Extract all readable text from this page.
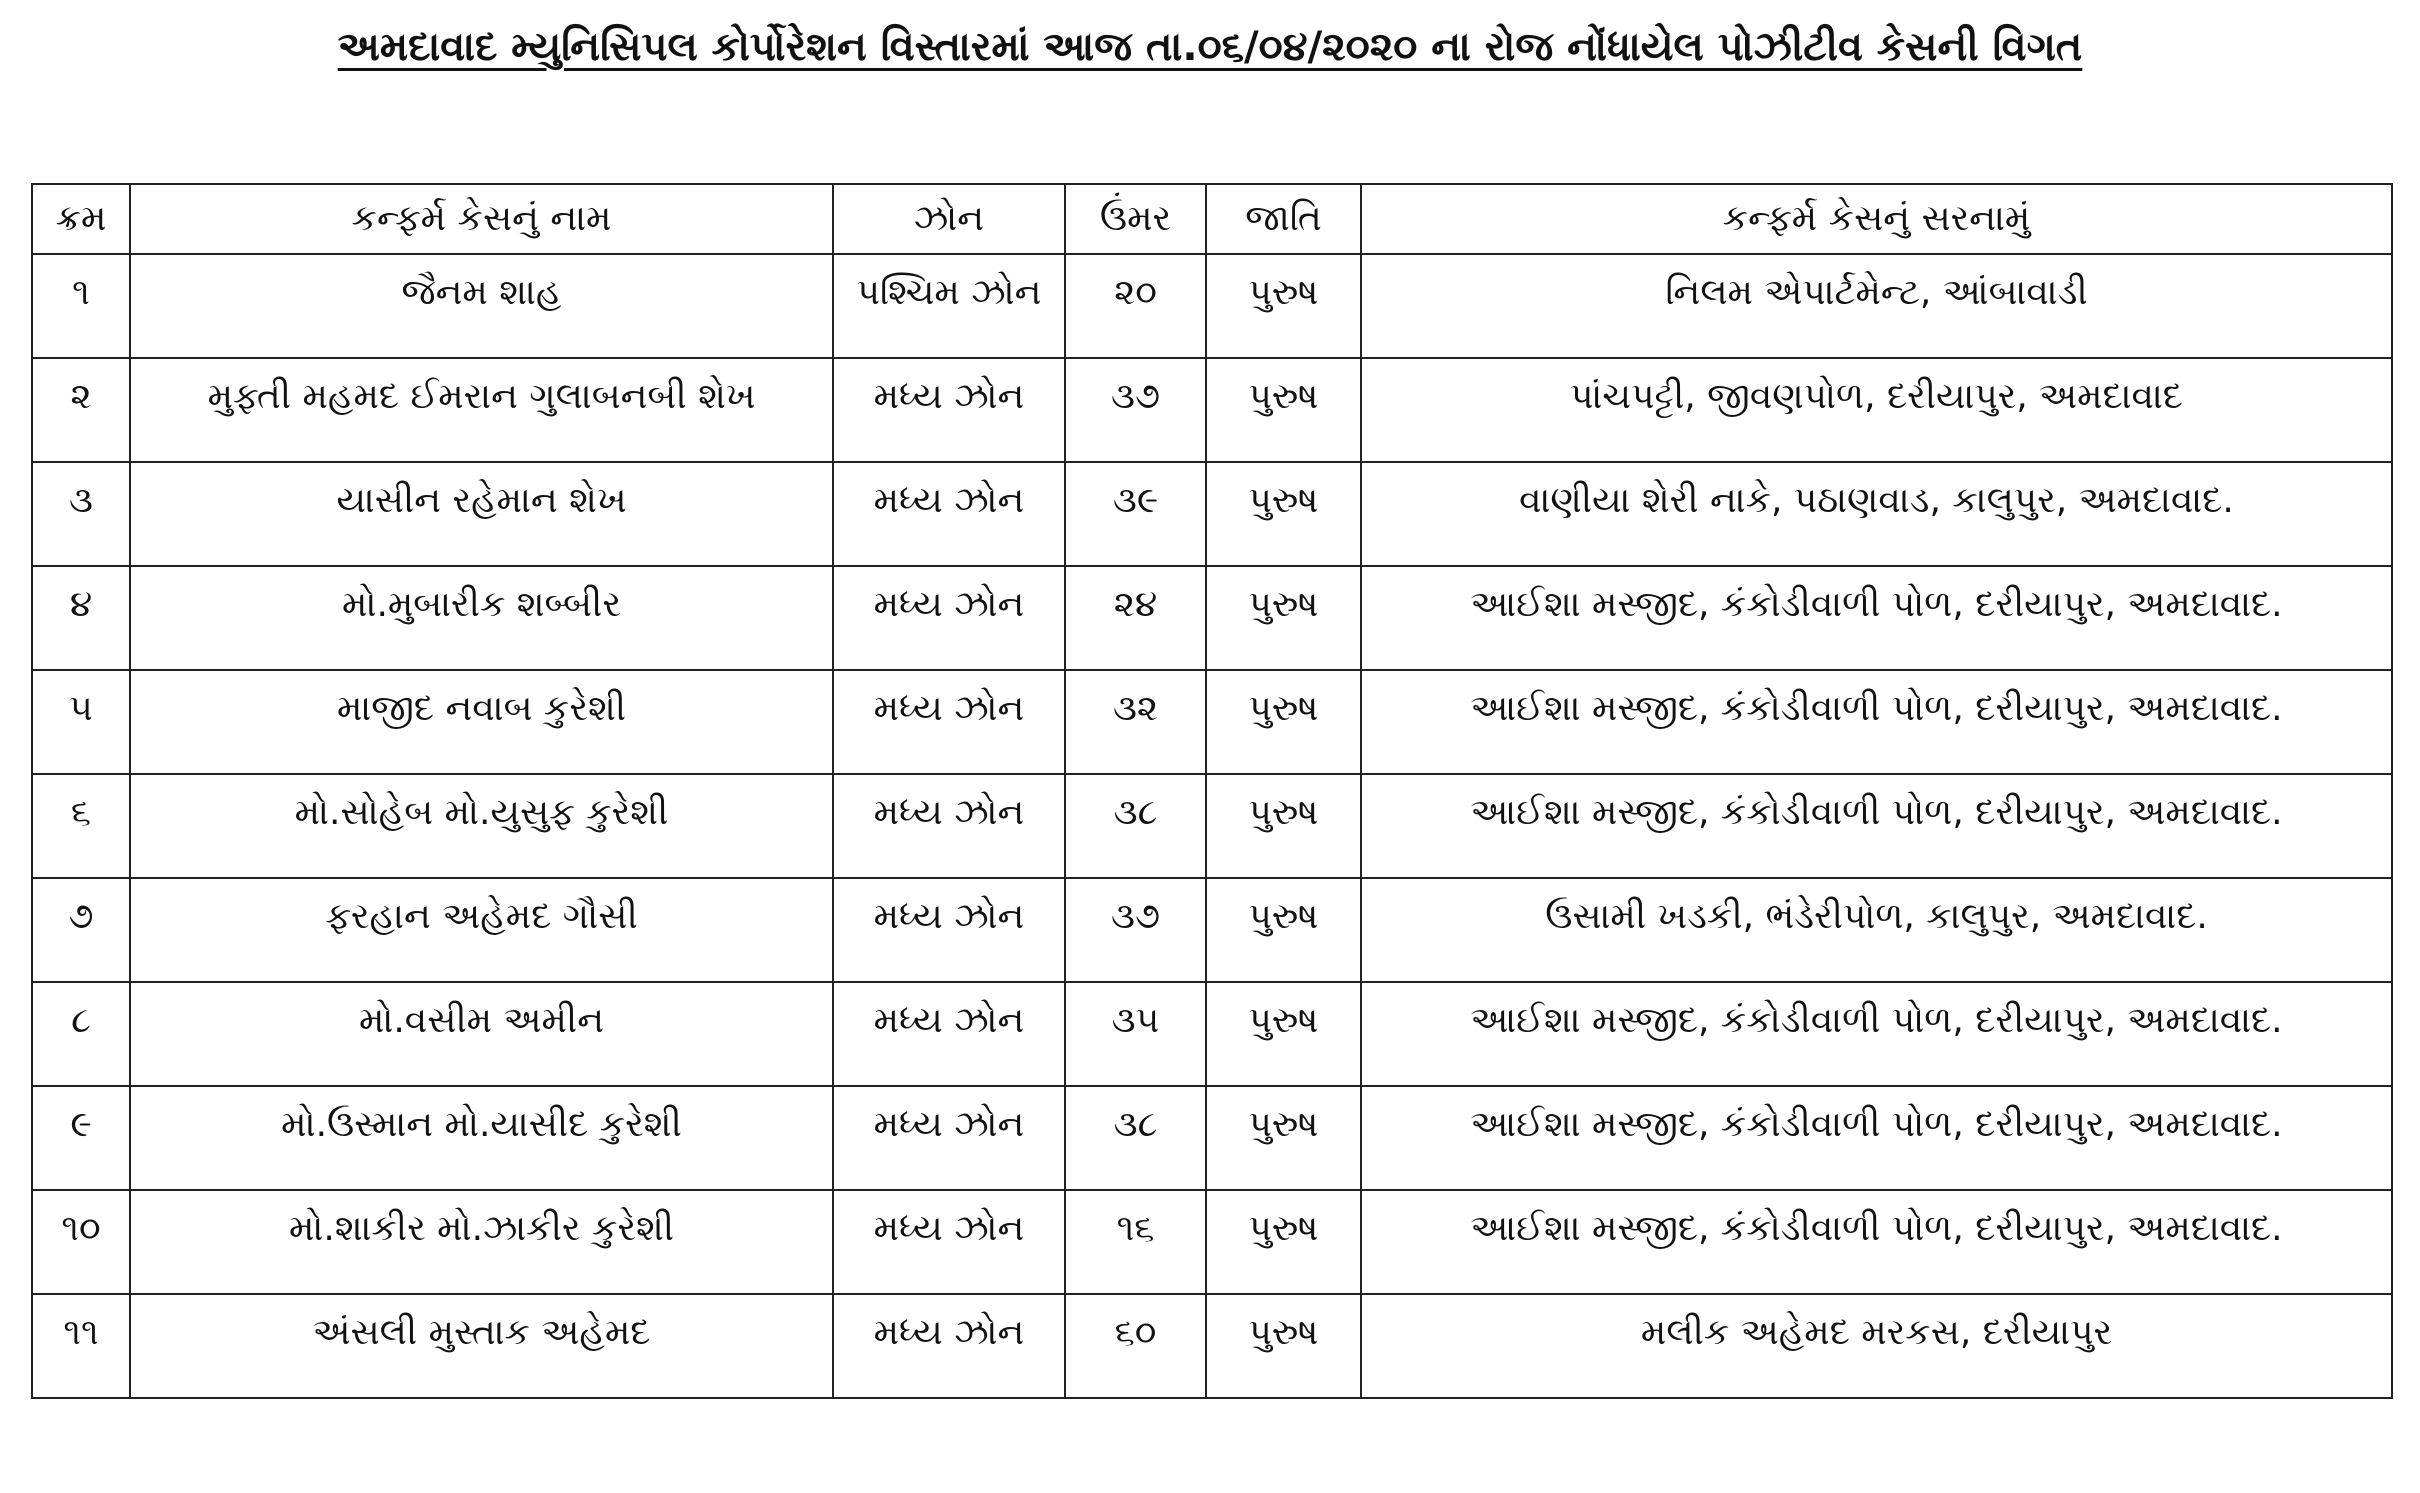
અમદાવાદ મ્યુનિસિપલ કોર્પોરેશન વિસ્તારમાં આજ તા.૦૬/૦૪/૨૦૨૦ ના રોજ નોંધાયેલ પોઝીટીવ કેસની વિગત
ક્રમ	કન્ફર્મ કેસનું નામ	ઝોન	ઉંમર	જાતિ	કન્ફર્મ કેસનું સરનામું
૧	જૈનમ શાહ	પશ્ચિમ ઝોન	૨૦	પુરુષ	નિલમ એપાર્ટમેન્ટ, આંબાવાડી
૨	મુફ્તી મહમદ ઈમરાન ગુલાબનબી શેખ	મધ્ય ઝોન	૩૭	પુરુષ	પાંચપટ્ટી, જીવણપોળ, દરીયાપુર, અમદાવાદ
૩	યાસીન રહેમાન શેખ	મધ્ય ઝોન	૩૯	પુરુષ	વાણીયા શેરી નાકે, પઠાણવાડ, કાલુપુર, અમદાવાદ.
૪	મો.મુબારીક શબ્બીર	મધ્ય ઝોન	૨૪	પુરુષ	આઈશા મસ્જીદ, કંકોડીવાળી પોળ, દરીયાપુર, અમદાવાદ.
૫	માજીદ નવાબ કુરેશી	મધ્ય ઝોન	૩૨	પુરુષ	આઈશા મસ્જીદ, કંકોડીવાળી પોળ, દરીયાપુર, અમદાવાદ.
૬	મો.સોહેબ મો.યુસુફ કુરેશી	મધ્ય ઝોન	૩૮	પુરુષ	આઈશા મસ્જીદ, કંકોડીવાળી પોળ, દરીયાપુર, અમદાવાદ.
૭	ફરહાન અહેમદ ગૌસી	મધ્ય ઝોન	૩૭	પુરુષ	ઉસામી ખડકી, ભંડેરીપોળ, કાલુપુર, અમદાવાદ.
૮	મો.વસીમ અમીન	મધ્ય ઝોન	૩૫	પુરુષ	આઈશા મસ્જીદ, કંકોડીવાળી પોળ, દરીયાપુર, અમદાવાદ.
૯	મો.ઉસ્માન મો.યાસીદ કુરેશી	મધ્ય ઝોન	૩૮	પુરુષ	આઈશા મસ્જીદ, કંકોડીવાળી પોળ, દરીયાપુર, અમદાવાદ.
૧૦	મો.શાકીર મો.ઝાકીર કુરેશી	મધ્ય ઝોન	૧૬	પુરુષ	આઈશા મસ્જીદ, કંકોડીવાળી પોળ, દરીયાપુર, અમદાવાદ.
૧૧	અંસલી મુસ્તાક અહેમદ	મધ્ય ઝોન	૬૦	પુરુષ	મલીક અહેમદ મરકસ, દરીયાપુર
